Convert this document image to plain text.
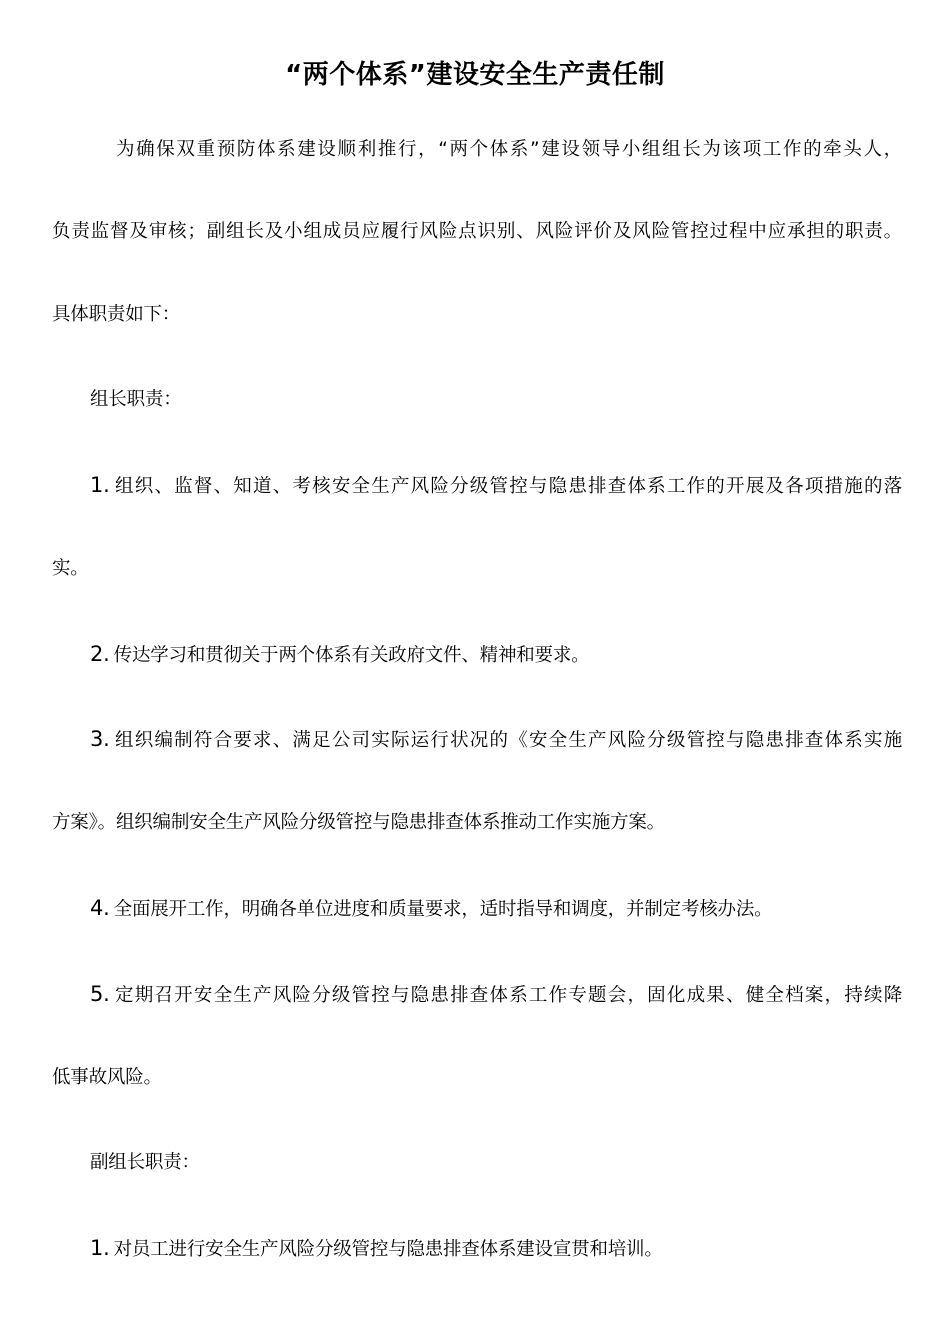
“两个体系”建设安全生产责任制
为确保双重预防体系建设顺利推行，“两个体系”建设领导小组组长为该项工作的牵头人，
负责监督及审核；副组长及小组成员应履行风险点识别、风险评价及风险管控过程中应承担的职责。
具体职责如下：
组长职责：
1. 组织、监督、知道、考核安全生产风险分级管控与隐患排查体系工作的开展及各项措施的落
实。
2. 传达学习和贯彻关于两个体系有关政府文件、精神和要求。
3. 组织编制符合要求、满足公司实际运行状况的《安全生产风险分级管控与隐患排查体系实施
方案》。组织编制安全生产风险分级管控与隐患排查体系推动工作实施方案。
4. 全面展开工作，明确各单位进度和质量要求，适时指导和调度，并制定考核办法。
5. 定期召开安全生产风险分级管控与隐患排查体系工作专题会，固化成果、健全档案，持续降
低事故风险。
副组长职责：
1. 对员工进行安全生产风险分级管控与隐患排查体系建设宣贯和培训。
